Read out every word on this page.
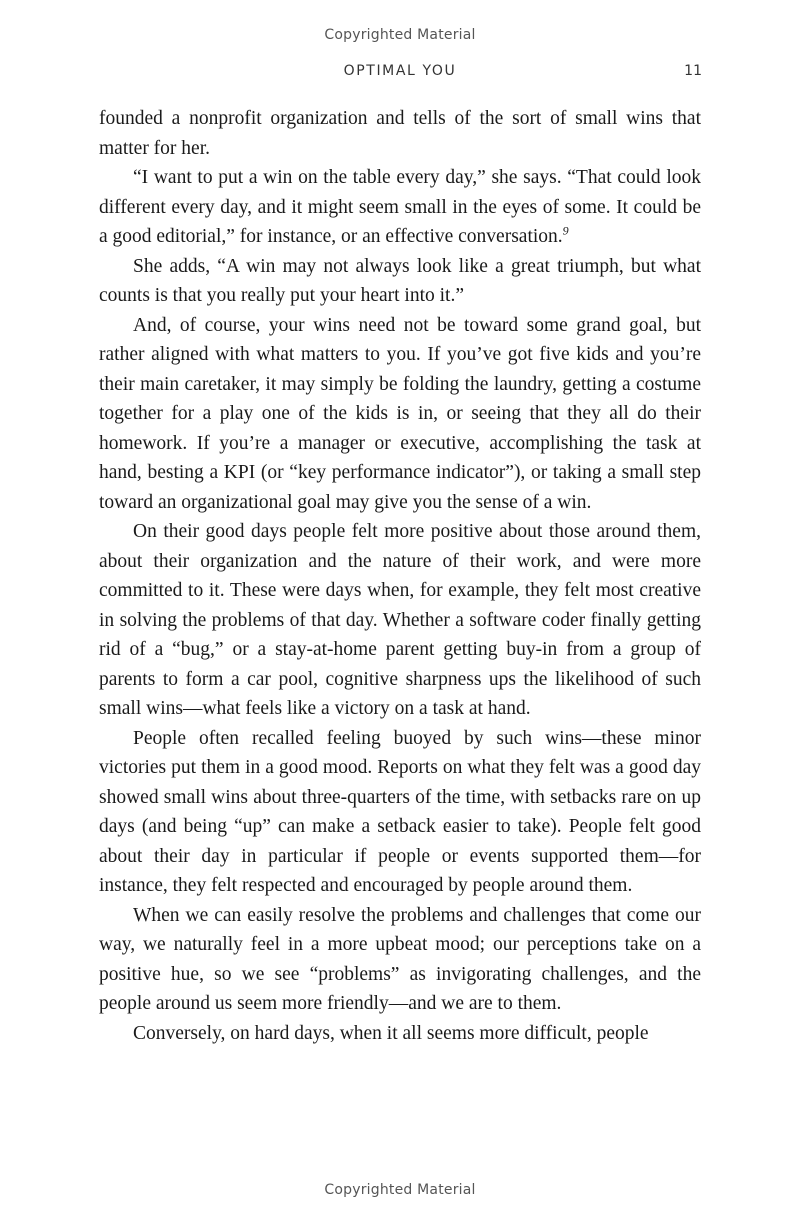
Copyrighted Material
OPTIMAL YOU	11

founded a nonprofit organization and tells of the sort of small wins that matter for her.

“I want to put a win on the table every day,” she says. “That could look different every day, and it might seem small in the eyes of some. It could be a good editorial,” for instance, or an effective conversation.$^9$

She adds, “A win may not always look like a great triumph, but what counts is that you really put your heart into it.”

And, of course, your wins need not be toward some grand goal, but rather aligned with what matters to you. If you’ve got five kids and you’re their main caretaker, it may simply be folding the laundry, getting a costume together for a play one of the kids is in, or seeing that they all do their homework. If you’re a manager or executive, accomplishing the task at hand, besting a KPI (or “key performance indicator”), or taking a small step toward an organizational goal may give you the sense of a win.

On their good days people felt more positive about those around them, about their organization and the nature of their work, and were more committed to it. These were days when, for example, they felt most creative in solving the problems of that day. Whether a software coder finally getting rid of a “bug,” or a stay-at-home parent getting buy-in from a group of parents to form a car pool, cognitive sharpness ups the likelihood of such small wins—what feels like a victory on a task at hand.

People often recalled feeling buoyed by such wins—these minor victories put them in a good mood. Reports on what they felt was a good day showed small wins about three-quarters of the time, with setbacks rare on up days (and being “up” can make a setback easier to take). People felt good about their day in particular if people or events supported them—for instance, they felt respected and encouraged by people around them.

When we can easily resolve the problems and challenges that come our way, we naturally feel in a more upbeat mood; our perceptions take on a positive hue, so we see “problems” as invigorating challenges, and the people around us seem more friendly—and we are to them.

Conversely, on hard days, when it all seems more difficult, people

Copyrighted Material
